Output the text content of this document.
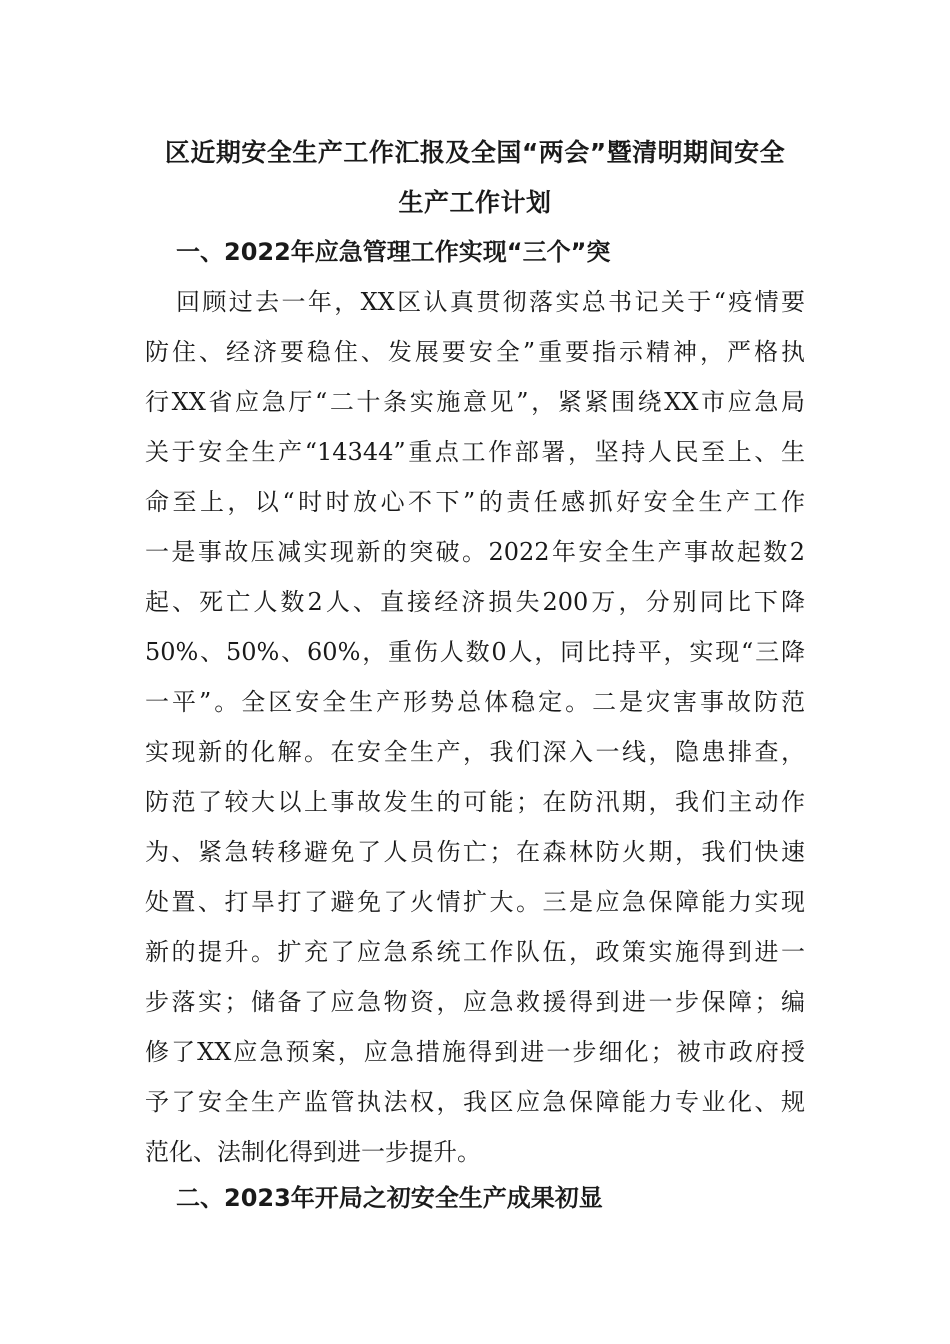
区近期安全生产工作汇报及全国“两会”暨清明期间安全
生产工作计划
一、2022年应急管理工作实现“三个”突
回顾过去一年，XX区认真贯彻落实总书记关于“疫情要
防住、经济要稳住、发展要安全”重要指示精神，严格执
行XX省应急厅“二十条实施意见”，紧紧围绕XX市应急局
关于安全生产“14344”重点工作部署，坚持人民至上、生
命至上，以“时时放心不下”的责任感抓好安全生产工作
一是事故压减实现新的突破。2022年安全生产事故起数2
起、死亡人数2人、直接经济损失200万，分别同比下降
50%、50%、60%，重伤人数0人，同比持平，实现“三降
一平”。全区安全生产形势总体稳定。二是灾害事故防范
实现新的化解。在安全生产，我们深入一线，隐患排查，
防范了较大以上事故发生的可能；在防汛期，我们主动作
为、紧急转移避免了人员伤亡；在森林防火期，我们快速
处置、打旱打了避免了火情扩大。三是应急保障能力实现
新的提升。扩充了应急系统工作队伍，政策实施得到进一
步落实；储备了应急物资，应急救援得到进一步保障；编
修了XX应急预案，应急措施得到进一步细化；被市政府授
予了安全生产监管执法权，我区应急保障能力专业化、规
范化、法制化得到进一步提升。
二、2023年开局之初安全生产成果初显
